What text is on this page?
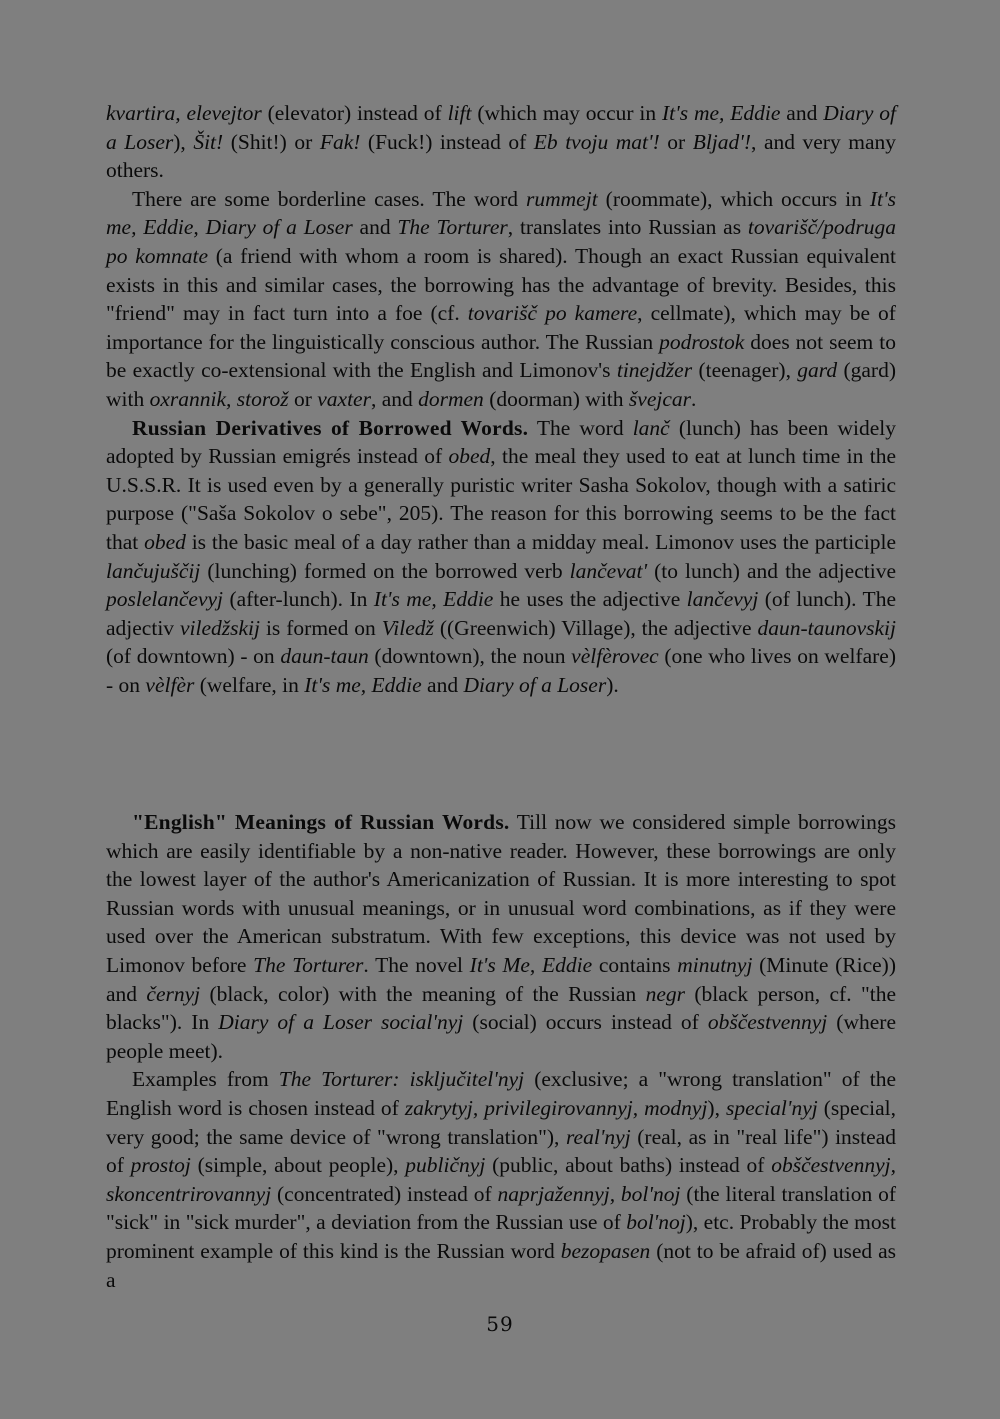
kvartira, elevejtor (elevator) instead of lift (which may occur in It's me, Eddie and Diary of a Loser), Šit! (Shit!) or Fak! (Fuck!) instead of Eb tvoju mat'! or Bljad'!, and very many others.

There are some borderline cases. The word rummejt (roommate), which occurs in It's me, Eddie, Diary of a Loser and The Torturer, translates into Russian as tovarišč/podruga po komnate (a friend with whom a room is shared). Though an exact Russian equivalent exists in this and similar cases, the borrowing has the advantage of brevity. Besides, this "friend" may in fact turn into a foe (cf. tovarišč po kamere, cellmate), which may be of importance for the linguistically conscious author. The Russian podrostok does not seem to be exactly co-extensional with the English and Limonov's tinejdžer (teenager), gard (gard) with oxrannik, storož or vaxter, and dormen (doorman) with švejcar.

Russian Derivatives of Borrowed Words. The word lanč (lunch) has been widely adopted by Russian emigrés instead of obed, the meal they used to eat at lunch time in the U.S.S.R. It is used even by a generally puristic writer Sasha Sokolov, though with a satiric purpose ("Saša Sokolov o sebe", 205). The reason for this borrowing seems to be the fact that obed is the basic meal of a day rather than a midday meal. Limonov uses the participle lančujuščij (lunching) formed on the borrowed verb lančevat' (to lunch) and the adjective poslelančevyj (after-lunch). In It's me, Eddie he uses the adjective lančevyj (of lunch). The adjectiv viledžskij is formed on Viledž ((Greenwich) Village), the adjective daun-taunovskij (of downtown) - on daun-taun (downtown), the noun vèlfèrovec (one who lives on welfare) - on vèlfèr (welfare, in It's me, Eddie and Diary of a Loser).

"English" Meanings of Russian Words. Till now we considered simple borrowings which are easily identifiable by a non-native reader. However, these borrowings are only the lowest layer of the author's Americanization of Russian. It is more interesting to spot Russian words with unusual meanings, or in unusual word combinations, as if they were used over the American substratum. With few exceptions, this device was not used by Limonov before The Torturer. The novel It's Me, Eddie contains minutnyj (Minute (Rice)) and černyj (black, color) with the meaning of the Russian negr (black person, cf. "the blacks"). In Diary of a Loser social'nyj (social) occurs instead of obščestvennyj (where people meet).

Examples from The Torturer: isključitel'nyj (exclusive; a "wrong translation" of the English word is chosen instead of zakrytyj, privilegirovannyj, modnyj), special'nyj (special, very good; the same device of "wrong translation"), real'nyj (real, as in "real life") instead of prostoj (simple, about people), publičnyj (public, about baths) instead of obščestvennyj, skoncentrirovannyj (concentrated) instead of naprjažennyj, bol'noj (the literal translation of "sick" in "sick murder", a deviation from the Russian use of bol'noj), etc. Probably the most prominent example of this kind is the Russian word bezopasen (not to be afraid of) used as a

59
